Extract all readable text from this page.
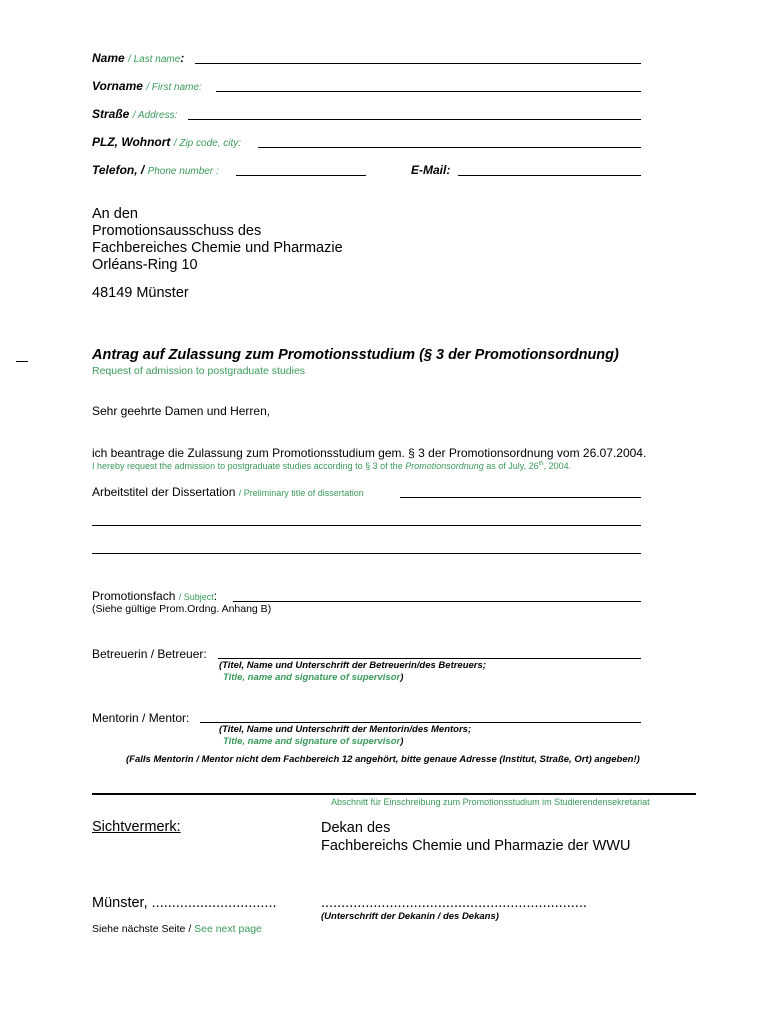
Name / Last name:
Vorname / First name:
Straße / Address:
PLZ, Wohnort / Zip code, city:
Telefon, / Phone number :	E-Mail:
An den
Promotionsausschuss des
Fachbereiches Chemie und Pharmazie
Orléans-Ring 10
48149 Münster
Antrag auf Zulassung zum Promotionsstudium (§ 3 der Promotionsordnung)
Request of admission to postgraduate studies
Sehr geehrte Damen und Herren,
ich beantrage die Zulassung zum Promotionsstudium gem. § 3 der Promotionsordnung vom 26.07.2004.
I hereby request the admission to postgraduate studies according to § 3 of the Promotionsordnung as of July, 26th, 2004.
Arbeitstitel der Dissertation / Preliminary title of dissertation
Promotionsfach / Subject:
(Siehe gültige Prom.Ordng. Anhang B)
Betreuerin / Betreuer:
(Titel, Name und Unterschrift der Betreuerin/des Betreuers;
Title, name and signature of supervisor)
Mentorin / Mentor:
(Titel, Name und Unterschrift der Mentorin/des Mentors;
Title, name and signature of supervisor)
(Falls Mentorin / Mentor nicht dem Fachbereich 12 angehört, bitte genaue Adresse (Institut, Straße, Ort) angeben!)
Abschnitt für Einschreibung zum Promotionsstudium im Studierendensekretariat
Sichtvermerk:	Dekan des
Fachbereichs Chemie und Pharmazie der WWU
Münster, ...............................	..................................................................
(Unterschrift der Dekanin / des Dekans)
Siehe nächste Seite / See next page
